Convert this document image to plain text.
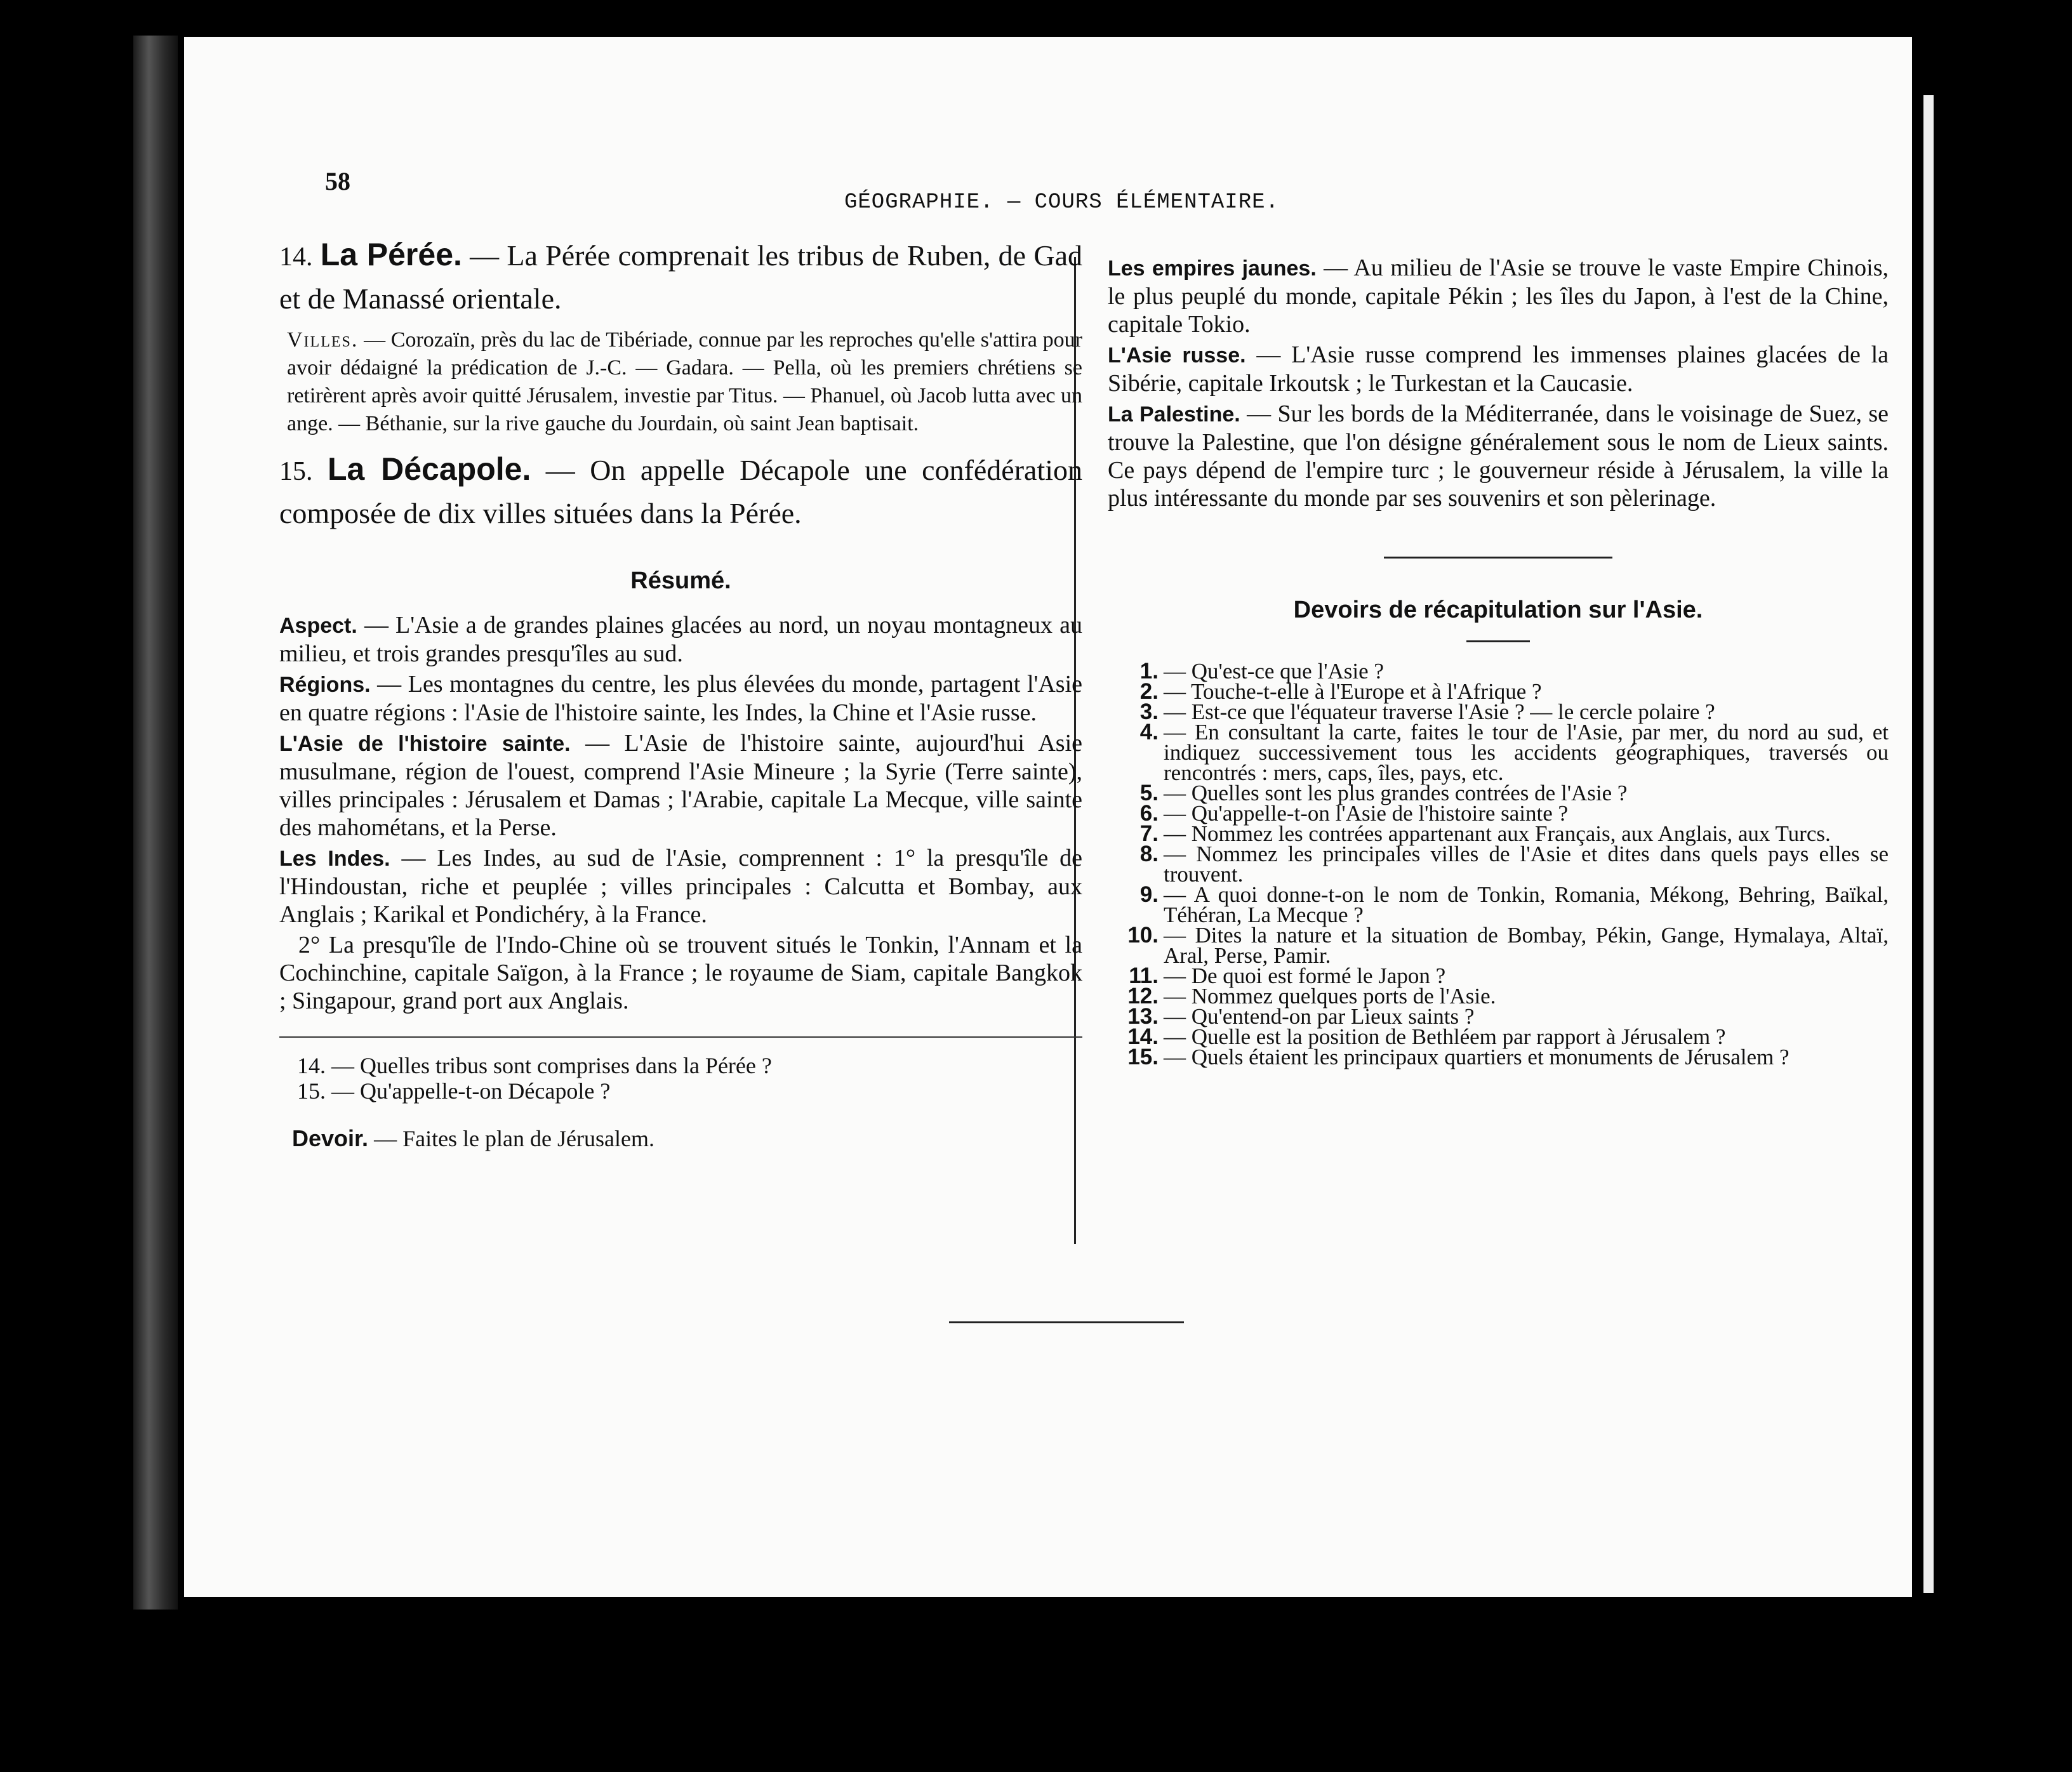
58
GÉOGRAPHIE. — COURS ÉLÉMENTAIRE.
14. La Pérée. — La Pérée comprenait les tribus de Ruben, de Gad et de Manassé orientale.
Villes. — Corozaïn, près du lac de Tibériade, connue par les reproches qu'elle s'attira pour avoir dédaigné la prédication de J.-C. — Gadara. — Pella, où les premiers chrétiens se retirèrent après avoir quitté Jérusalem, investie par Titus. — Phanuel, où Jacob lutta avec un ange. — Béthanie, sur la rive gauche du Jourdain, où saint Jean baptisait.
15. La Décapole. — On appelle Décapole une confédération composée de dix villes situées dans la Pérée.
Résumé.
Aspect. — L'Asie a de grandes plaines glacées au nord, un noyau montagneux au milieu, et trois grandes presqu'îles au sud.
Régions. — Les montagnes du centre, les plus élevées du monde, partagent l'Asie en quatre régions : l'Asie de l'histoire sainte, les Indes, la Chine et l'Asie russe.
L'Asie de l'histoire sainte. — L'Asie de l'histoire sainte, aujourd'hui Asie musulmane, région de l'ouest, comprend l'Asie Mineure ; la Syrie (Terre sainte), villes principales : Jérusalem et Damas ; l'Arabie, capitale La Mecque, ville sainte des mahométans, et la Perse.
Les Indes. — Les Indes, au sud de l'Asie, comprennent : 1° la presqu'île de l'Hindoustan, riche et peuplée ; villes principales : Calcutta et Bombay, aux Anglais ; Karikal et Pondichéry, à la France.
2° La presqu'île de l'Indo-Chine où se trouvent situés le Tonkin, l'Annam et la Cochinchine, capitale Saïgon, à la France ; le royaume de Siam, capitale Bangkok ; Singapour, grand port aux Anglais.
14. — Quelles tribus sont comprises dans la Pérée ?
15. — Qu'appelle-t-on Décapole ?
Devoir. — Faites le plan de Jérusalem.
Les empires jaunes. — Au milieu de l'Asie se trouve le vaste Empire Chinois, le plus peuplé du monde, capitale Pékin ; les îles du Japon, à l'est de la Chine, capitale Tokio.
L'Asie russe. — L'Asie russe comprend les immenses plaines glacées de la Sibérie, capitale Irkoutsk ; le Turkestan et la Caucasie.
La Palestine. — Sur les bords de la Méditerranée, dans le voisinage de Suez, se trouve la Palestine, que l'on désigne généralement sous le nom de Lieux saints. Ce pays dépend de l'empire turc ; le gouverneur réside à Jérusalem, la ville la plus intéressante du monde par ses souvenirs et son pèlerinage.
Devoirs de récapitulation sur l'Asie.
1. — Qu'est-ce que l'Asie ?
2. — Touche-t-elle à l'Europe et à l'Afrique ?
3. — Est-ce que l'équateur traverse l'Asie ? — le cercle polaire ?
4. — En consultant la carte, faites le tour de l'Asie, par mer, du nord au sud, et indiquez successivement tous les accidents géographiques, traversés ou rencontrés : mers, caps, îles, pays, etc.
5. — Quelles sont les plus grandes contrées de l'Asie ?
6. — Qu'appelle-t-on l'Asie de l'histoire sainte ?
7. — Nommez les contrées appartenant aux Français, aux Anglais, aux Turcs.
8. — Nommez les principales villes de l'Asie et dites dans quels pays elles se trouvent.
9. — A quoi donne-t-on le nom de Tonkin, Romania, Mékong, Behring, Baïkal, Téhéran, La Mecque ?
10. — Dites la nature et la situation de Bombay, Pékin, Gange, Hymalaya, Altaï, Aral, Perse, Pamir.
11. — De quoi est formé le Japon ?
12. — Nommez quelques ports de l'Asie.
13. — Qu'entend-on par Lieux saints ?
14. — Quelle est la position de Bethléem par rapport à Jérusalem ?
15. — Quels étaient les principaux quartiers et monuments de Jérusalem ?
